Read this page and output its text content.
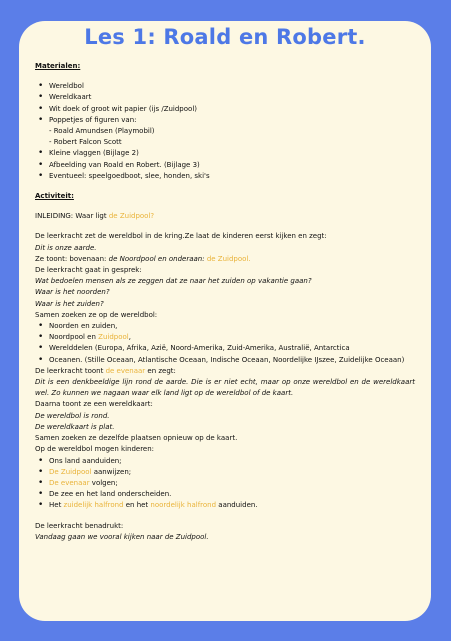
Les 1: Roald en Robert.
Materialen:
• Wereldbol
• Wereldkaart
• Wit doek of groot wit papier (ijs /Zuidpool)
• Poppetjes of figuren van:
- Roald Amundsen (Playmobil)
- Robert Falcon Scott
• Kleine vlaggen (Bijlage 2)
• Afbeelding van Roald en Robert. (Bijlage 3)
• Eventueel: speelgoedboot, slee, honden, ski's
Activiteit:
INLEIDING: Waar ligt de Zuidpool?
De leerkracht zet de wereldbol in de kring.Ze laat de kinderen eerst kijken en zegt:
Dit is onze aarde.
Ze toont: bovenaan: de Noordpool en onderaan: de Zuidpool.
De leerkracht gaat in gesprek:
Wat bedoelen mensen als ze zeggen dat ze naar het zuiden op vakantie gaan?
Waar is het noorden?
Waar is het zuiden?
Samen zoeken ze op de wereldbol:
• Noorden en zuiden,
• Noordpool en Zuidpool,
• Werelddelen (Europa, Afrika, Azië, Noord-Amerika, Zuid-Amerika, Australië, Antarctica
• Oceanen. (Stille Oceaan, Atlantische Oceaan, Indische Oceaan, Noordelijke IJszee, Zuidelijke Oceaan)
De leerkracht toont de evenaar en zegt:
Dit is een denkbeeldige lijn rond de aarde. Die is er niet echt, maar op onze wereldbol en de wereldkaart wel. Zo kunnen we nagaan waar elk land ligt op de wereldbol of de kaart.
Daarna toont ze een wereldkaart:
De wereldbol is rond.
De wereldkaart is plat.
Samen zoeken ze dezelfde plaatsen opnieuw op de kaart.
Op de wereldbol mogen kinderen:
• Ons land aanduiden;
• De Zuidpool aanwijzen;
• De evenaar volgen;
• De zee en het land onderscheiden.
• Het zuidelijk halfrond en het noordelijk halfrond aanduiden.
De leerkracht benadrukt:
Vandaag gaan we vooral kijken naar de Zuidpool.
